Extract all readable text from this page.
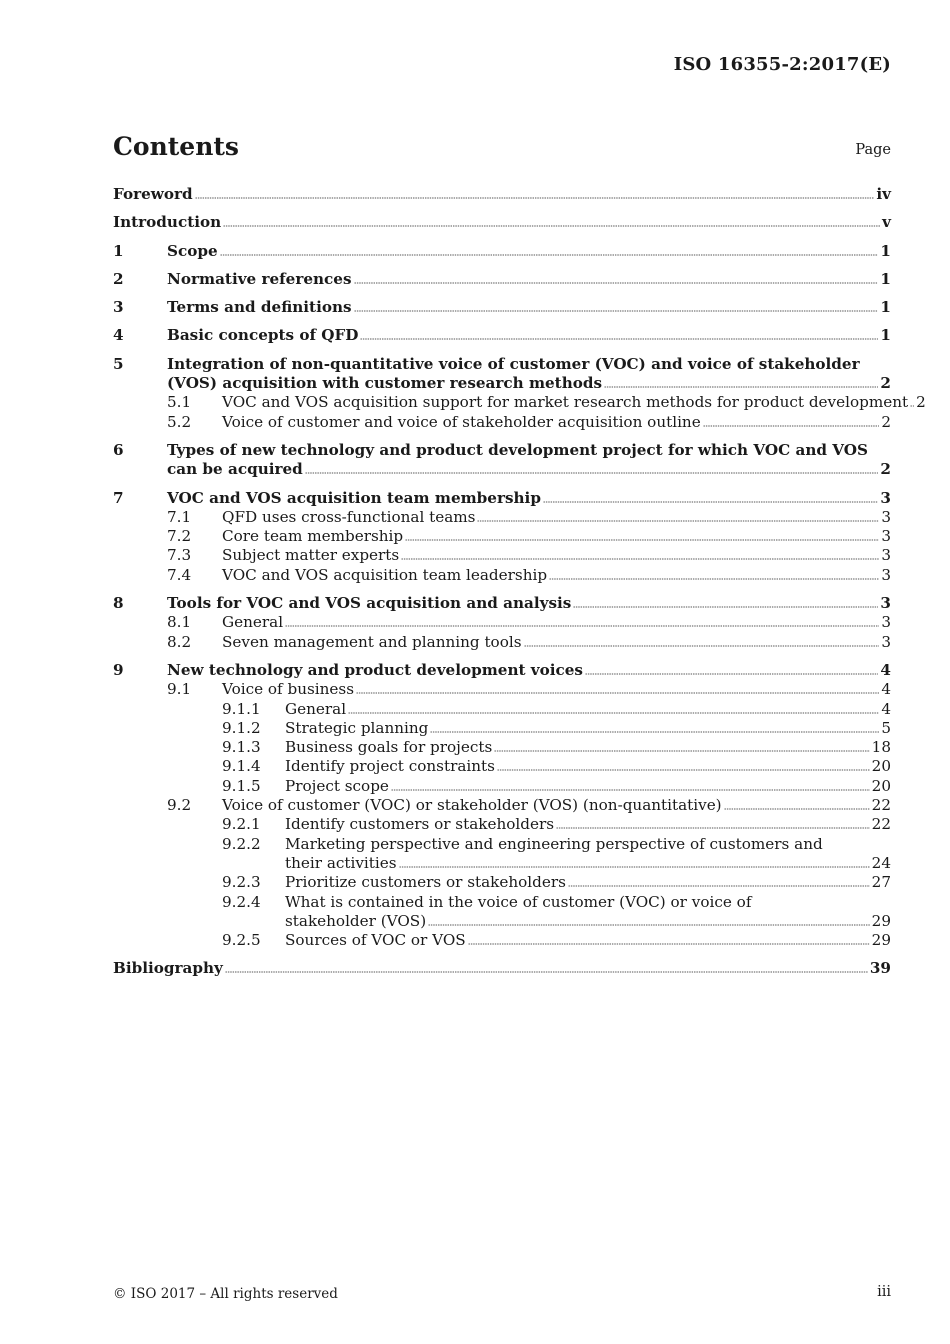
ISO 16355-2:2017(E)
Contents	Page
Foreword	iv
Introduction	v
1	Scope	1
2	Normative references	1
3	Terms and definitions	1
4	Basic concepts of QFD	1
5	Integration of non-quantitative voice of customer (VOC) and voice of stakeholder
(VOS) acquisition with customer research methods	2
5.1 VOC and VOS acquisition support for market research methods for product development 2
5.2 Voice of customer and voice of stakeholder acquisition outline	2
6	Types of new technology and product development project for which VOC and VOS
can be acquired	2
7	VOC and VOS acquisition team membership	3
7.1 QFD uses cross-functional teams	3
7.2 Core team membership	3
7.3 Subject matter experts	3
7.4 VOC and VOS acquisition team leadership	3
8	Tools for VOC and VOS acquisition and analysis	3
8.1 General	3
8.2 Seven management and planning tools	3
9	New technology and product development voices	4
9.1 Voice of business	4
9.1.1 General	4
9.1.2 Strategic planning	5
9.1.3 Business goals for projects	18
9.1.4 Identify project constraints	20
9.1.5 Project scope	20
9.2 Voice of customer (VOC) or stakeholder (VOS) (non-quantitative)	22
9.2.1 Identify customers or stakeholders	22
9.2.2 Marketing perspective and engineering perspective of customers and
their activities	24
9.2.3 Prioritize customers or stakeholders	27
9.2.4 What is contained in the voice of customer (VOC) or voice of
stakeholder (VOS)	29
9.2.5 Sources of VOC or VOS	29
Bibliography	39
© ISO 2017 – All rights reserved	iii
